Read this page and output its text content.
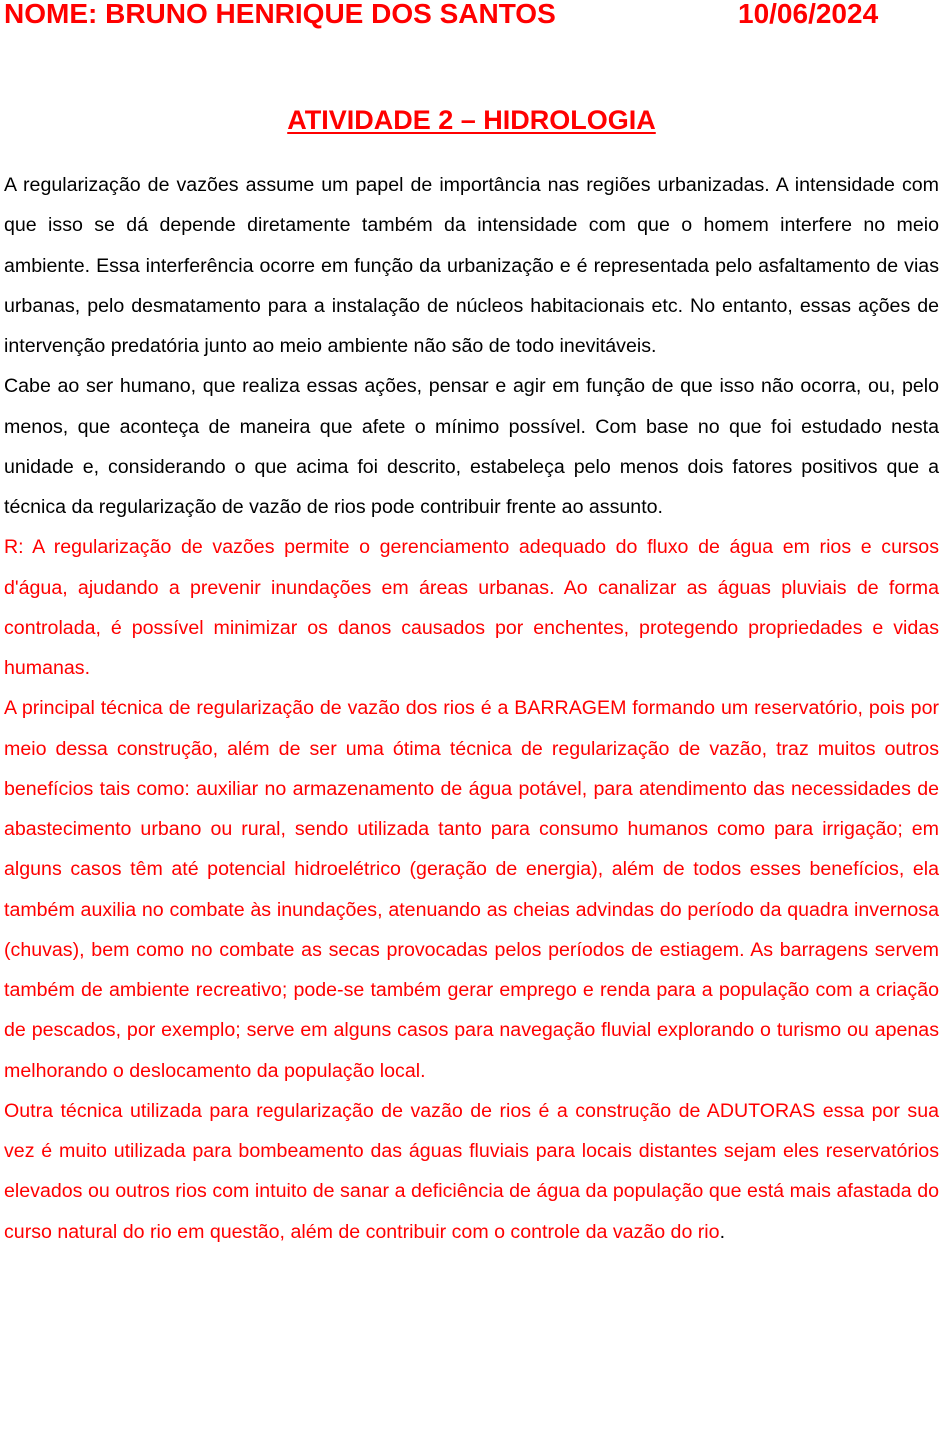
NOME: BRUNO HENRIQUE DOS SANTOS	10/06/2024
ATIVIDADE 2 – HIDROLOGIA

A regularização de vazões assume um papel de importância nas regiões urbanizadas. A intensidade com que isso se dá depende diretamente também da intensidade com que o homem interfere no meio ambiente. Essa interferência ocorre em função da urbanização e é representada pelo asfaltamento de vias urbanas, pelo desmatamento para a instalação de núcleos habitacionais etc. No entanto, essas ações de intervenção predatória junto ao meio ambiente não são de todo inevitáveis.

Cabe ao ser humano, que realiza essas ações, pensar e agir em função de que isso não ocorra, ou, pelo menos, que aconteça de maneira que afete o mínimo possível. Com base no que foi estudado nesta unidade e, considerando o que acima foi descrito, estabeleça pelo menos dois fatores positivos que a técnica da regularização de vazão de rios pode contribuir frente ao assunto.

R: A regularização de vazões permite o gerenciamento adequado do fluxo de água em rios e cursos d'água, ajudando a prevenir inundações em áreas urbanas. Ao canalizar as águas pluviais de forma controlada, é possível minimizar os danos causados por enchentes, protegendo propriedades e vidas humanas.

A principal técnica de regularização de vazão dos rios é a BARRAGEM formando um reservatório, pois por meio dessa construção, além de ser uma ótima técnica de regularização de vazão, traz muitos outros benefícios tais como: auxiliar no armazenamento de água potável, para atendimento das necessidades de abastecimento urbano ou rural, sendo utilizada tanto para consumo humanos como para irrigação; em alguns casos têm até potencial hidroelétrico (geração de energia), além de todos esses benefícios, ela também auxilia no combate às inundações, atenuando as cheias advindas do período da quadra invernosa (chuvas), bem como no combate as secas provocadas pelos períodos de estiagem. As barragens servem também de ambiente recreativo; pode-se também gerar emprego e renda para a população com a criação de pescados, por exemplo; serve em alguns casos para navegação fluvial explorando o turismo ou apenas melhorando o deslocamento da população local.

Outra técnica utilizada para regularização de vazão de rios é a construção de ADUTORAS essa por sua vez é muito utilizada para bombeamento das águas fluviais para locais distantes sejam eles reservatórios elevados ou outros rios com intuito de sanar a deficiência de água da população que está mais afastada do curso natural do rio em questão, além de contribuir com o controle da vazão do rio.
